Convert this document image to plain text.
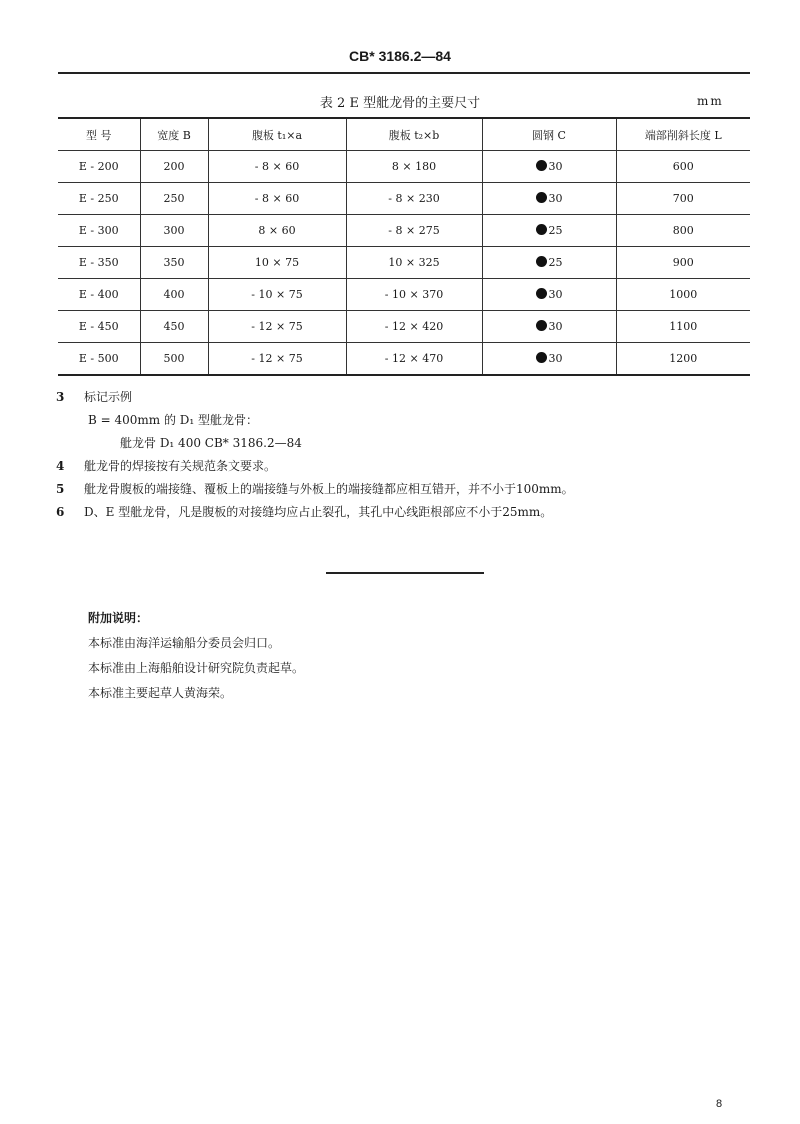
CB* 3186.2—84
表 2 E 型舭龙骨的主要尺寸	mm
型 号	宽度 B	腹板 t₁×a	腹板 t₂×b	圆钢 C	端部削斜长度 L
E - 200	200	- 8 × 60	8 × 180	30	600
E - 250	250	- 8 × 60	- 8 × 230	30	700
E - 300	300	8 × 60	- 8 × 275	25	800
E - 350	350	10 × 75	10 × 325	25	900
E - 400	400	- 10 × 75	- 10 × 370	30	1000
E - 450	450	- 12 × 75	- 12 × 420	30	1100
E - 500	500	- 12 × 75	- 12 × 470	30	1200
3 标记示例
B = 400mm 的 D₁ 型舭龙骨：
舭龙骨 D₁ 400 CB* 3186.2—84
4 舭龙骨的焊接按有关规范条文要求。
5 舭龙骨腹板的端接缝、覆板上的端接缝与外板上的端接缝都应相互错开，并不小于100mm。
6 D、E 型舭龙骨，凡是腹板的对接缝均应占止裂孔，其孔中心线距根部应不小于25mm。
附加说明：
本标准由海洋运输船分委员会归口。
本标准由上海船舶设计研究院负责起草。
本标准主要起草人黄海荣。
8
